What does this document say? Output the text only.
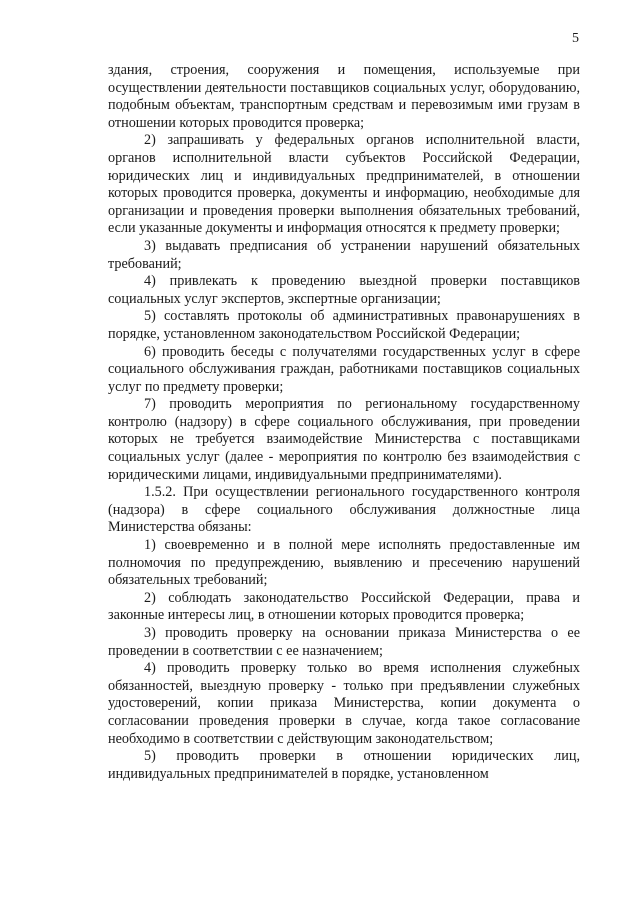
5

здания, строения, сооружения и помещения, используемые при осуществлении деятельности поставщиков социальных услуг, оборудованию, подобным объектам, транспортным средствам и перевозимым ими грузам в отношении которых проводится проверка;

2) запрашивать у федеральных органов исполнительной власти, органов исполнительной власти субъектов Российской Федерации, юридических лиц и индивидуальных предпринимателей, в отношении которых проводится проверка, документы и информацию, необходимые для организации и проведения проверки выполнения обязательных требований, если указанные документы и информация относятся к предмету проверки;

3) выдавать предписания об устранении нарушений обязательных требований;

4) привлекать к проведению выездной проверки поставщиков социальных услуг экспертов, экспертные организации;

5) составлять протоколы об административных правонарушениях в порядке, установленном законодательством Российской Федерации;

6) проводить беседы с получателями государственных услуг в сфере социального обслуживания граждан, работниками поставщиков социальных услуг по предмету проверки;

7) проводить мероприятия по региональному государственному контролю (надзору) в сфере социального обслуживания, при проведении которых не требуется взаимодействие Министерства с поставщиками социальных услуг (далее - мероприятия по контролю без взаимодействия с юридическими лицами, индивидуальными предпринимателями).

1.5.2. При осуществлении регионального государственного контроля (надзора) в сфере социального обслуживания должностные лица Министерства обязаны:

1) своевременно и в полной мере исполнять предоставленные им полномочия по предупреждению, выявлению и пресечению нарушений обязательных требований;

2) соблюдать законодательство Российской Федерации, права и законные интересы лиц, в отношении которых проводится проверка;

3) проводить проверку на основании приказа Министерства о ее проведении в соответствии с ее назначением;

4) проводить проверку только во время исполнения служебных обязанностей, выездную проверку - только при предъявлении служебных удостоверений, копии приказа Министерства, копии документа о согласовании проведения проверки в случае, когда такое согласование необходимо в соответствии с действующим законодательством;

5) проводить проверки в отношении юридических лиц, индивидуальных предпринимателей в порядке, установленном
